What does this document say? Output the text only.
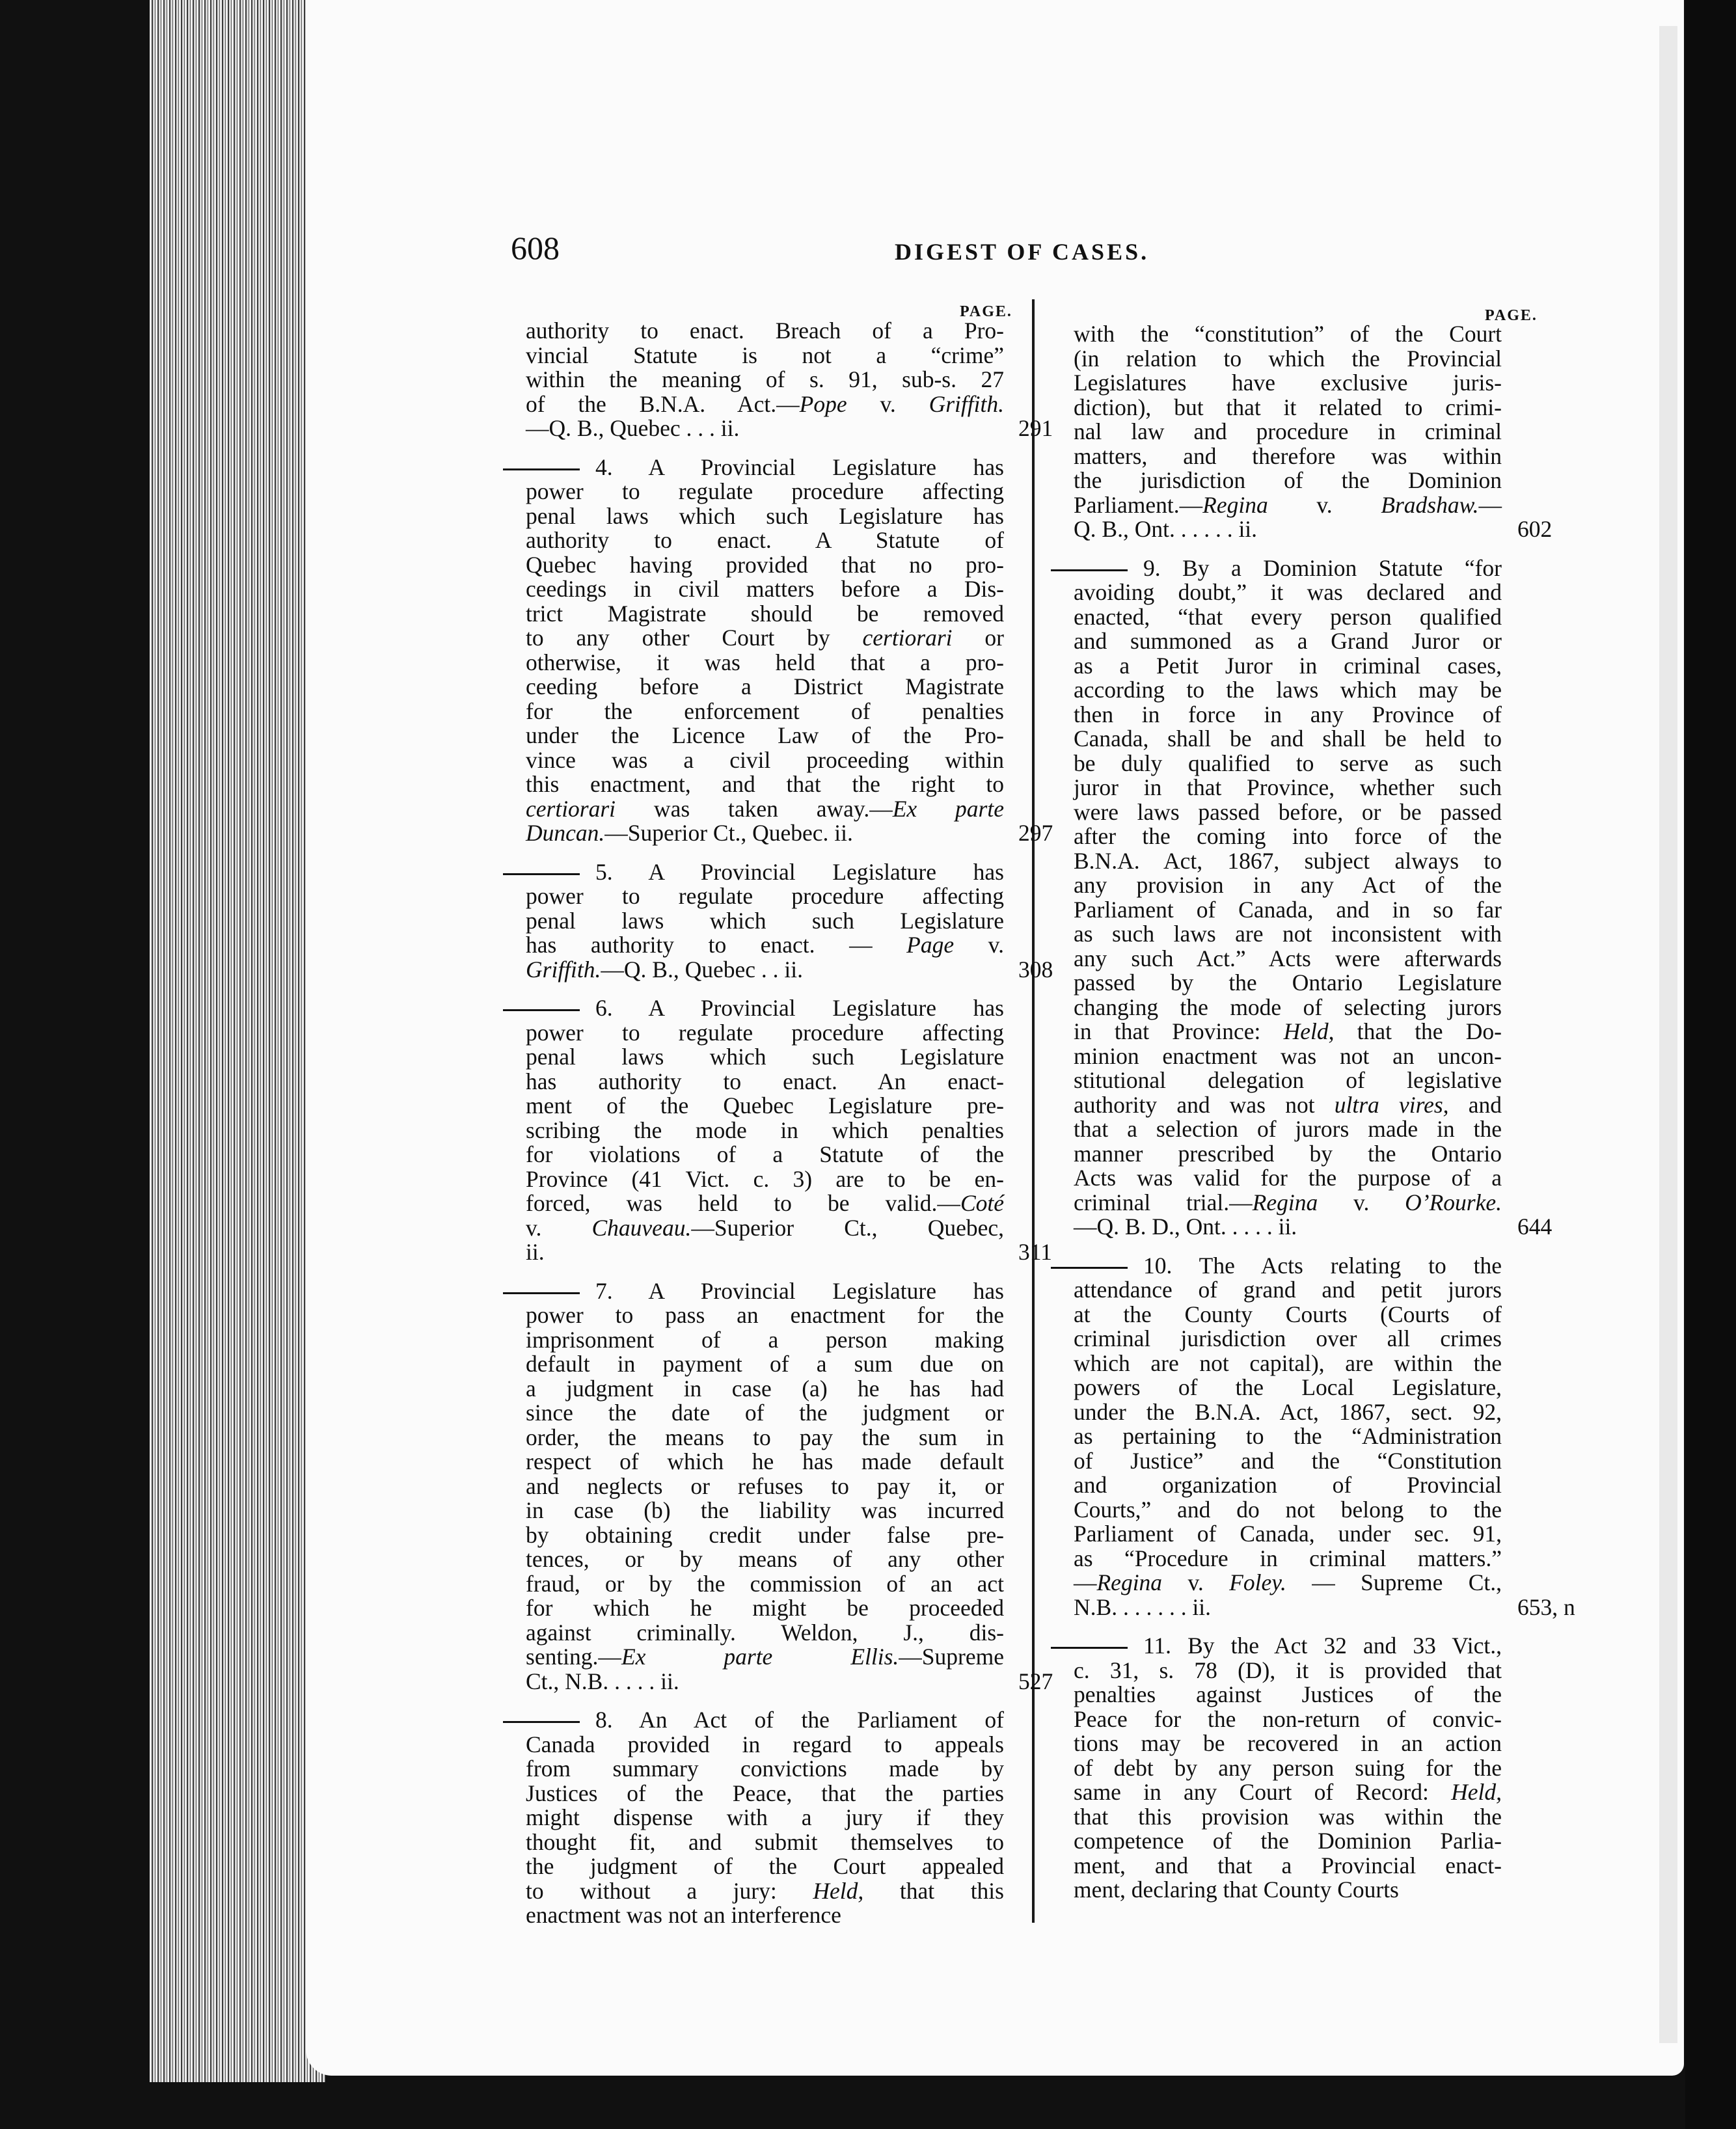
608	DIGEST OF CASES.
PAGE.	PAGE.
authority to enact. Breach of a Pro-
vincial Statute is not a “crime”
within the meaning of s. 91, sub-s. 27
of the B.N.A. Act.—Pope v. Griffith.
—Q. B., Quebec . . . ii.	291
4. A Provincial Legislature has
power to regulate procedure affecting
penal laws which such Legislature has
authority to enact. A Statute of
Quebec having provided that no pro-
ceedings in civil matters before a Dis-
trict Magistrate should be removed
to any other Court by certiorari or
otherwise, it was held that a pro-
ceeding before a District Magistrate
for the enforcement of penalties
under the Licence Law of the Pro-
vince was a civil proceeding within
this enactment, and that the right to
certiorari was taken away.—Ex parte
Duncan.—Superior Ct., Quebec. ii.	297
5. A Provincial Legislature has
power to regulate procedure affecting
penal laws which such Legislature
has authority to enact. — Page v.
Griffith.—Q. B., Quebec . . ii.	308
6. A Provincial Legislature has
power to regulate procedure affecting
penal laws which such Legislature
has authority to enact. An enact-
ment of the Quebec Legislature pre-
scribing the mode in which penalties
for violations of a Statute of the
Province (41 Vict. c. 3) are to be en-
forced, was held to be valid.—Coté
v. Chauveau.—Superior Ct., Quebec,
ii.	311
7. A Provincial Legislature has
power to pass an enactment for the
imprisonment of a person making
default in payment of a sum due on
a judgment in case (a) he has had
since the date of the judgment or
order, the means to pay the sum in
respect of which he has made default
and neglects or refuses to pay it, or
in case (b) the liability was incurred
by obtaining credit under false pre-
tences, or by means of any other
fraud, or by the commission of an act
for which he might be proceeded
against criminally. Weldon, J., dis-
senting.—Ex parte	Ellis.—Supreme
Ct., N.B. . . . . ii.	527
8. An Act of the Parliament of
Canada provided in regard to appeals
from summary convictions made by
Justices of the Peace, that the parties
might dispense with a jury if they
thought fit, and submit themselves to
the judgment of the Court appealed
to without a jury: Held, that this
enactment was not an interference
with the “constitution” of the Court
(in relation to which the Provincial
Legislatures have exclusive juris-
diction), but that it related to crimi-
nal law and procedure in criminal
matters, and therefore was within
the jurisdiction of the Dominion
Parliament.—Regina v. Bradshaw.—
Q. B., Ont. . . . . . ii.	602
9. By a Dominion Statute “for
avoiding doubt,” it was declared and
enacted, “that every person qualified
and summoned as a Grand Juror or
as a Petit Juror in criminal cases,
according to the laws which may be
then in force in any Province of
Canada, shall be and shall be held to
be duly qualified to serve as such
juror in that Province, whether such
were laws passed before, or be passed
after the coming into force of the
B.N.A. Act, 1867, subject always to
any provision in any Act of the
Parliament of Canada, and in so far
as such laws are not inconsistent with
any such Act.” Acts were afterwards
passed by the Ontario Legislature
changing the mode of selecting jurors
in that Province: Held, that the Do-
minion enactment was not an uncon-
stitutional delegation of legislative
authority and was not ultra vires, and
that a selection of jurors made in the
manner prescribed by the Ontario
Acts was valid for the purpose of a
criminal trial.—Regina v. O’Rourke.
—Q. B. D., Ont. . . . . ii.	644
10. The Acts relating to the
attendance of grand and petit jurors
at the County Courts (Courts of
criminal jurisdiction over all crimes
which are not capital), are within the
powers of the Local Legislature,
under the B.N.A. Act, 1867, sect. 92,
as pertaining to the “Administration
of Justice” and the “Constitution
and organization of Provincial
Courts,” and do not belong to the
Parliament of Canada, under sec. 91,
as “Procedure in criminal matters.”
—Regina v. Foley. — Supreme Ct.,
N.B. . . . . . . ii.	653, n
11. By the Act 32 and 33 Vict.,
c. 31, s. 78 (D), it is provided that
penalties against Justices of the
Peace for the non-return of convic-
tions may be recovered in an action
of debt by any person suing for the
same in any Court of Record: Held,
that this provision was within the
competence of the Dominion Parlia-
ment, and that a Provincial enact-
ment, declaring that County Courts
